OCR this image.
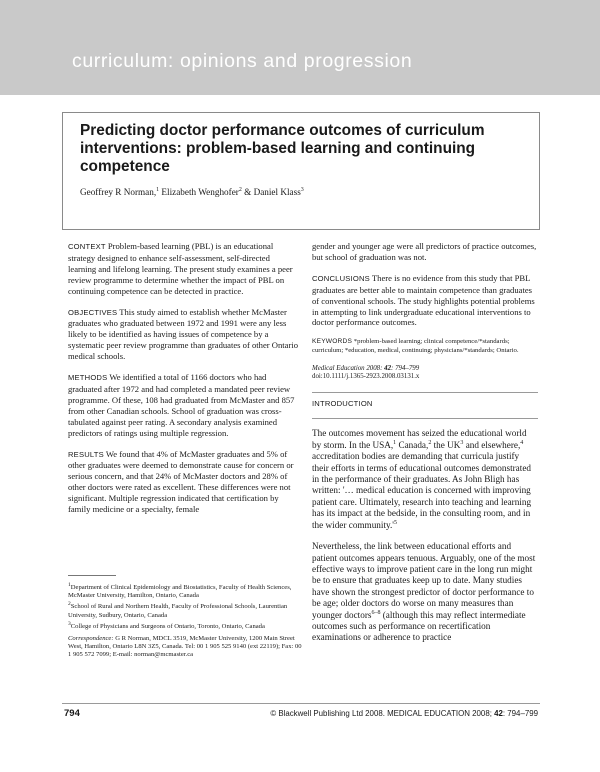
curriculum: opinions and progression
Predicting doctor performance outcomes of curriculum interventions: problem-based learning and continuing competence
Geoffrey R Norman,$^1$ Elizabeth Wenghofer$^2$ & Daniel Klass$^3$

CONTEXT Problem-based learning (PBL) is an educational strategy designed to enhance self-assessment, self-directed learning and lifelong learning. The present study examines a peer review programme to determine whether the impact of PBL on continuing competence can be detected in practice.

OBJECTIVES This study aimed to establish whether McMaster graduates who graduated between 1972 and 1991 were any less likely to be identified as having issues of competence by a systematic peer review programme than graduates of other Ontario medical schools.

METHODS We identified a total of 1166 doctors who had graduated after 1972 and had completed a mandated peer review programme. Of these, 108 had graduated from McMaster and 857 from other Canadian schools. School of graduation was cross-tabulated against peer rating. A secondary analysis examined predictors of ratings using multiple regression.

RESULTS We found that 4% of McMaster graduates and 5% of other graduates were deemed to demonstrate cause for concern or serious concern, and that 24% of McMaster doctors and 28% of other doctors were rated as excellent. These differences were not significant. Multiple regression indicated that certification by family medicine or a specialty, female

$^1$Department of Clinical Epidemiology and Biostatistics, Faculty of Health Sciences, McMaster University, Hamilton, Ontario, Canada

$^2$School of Rural and Northern Health, Faculty of Professional Schools, Laurentian University, Sudbury, Ontario, Canada

$^3$College of Physicians and Surgeons of Ontario, Toronto, Ontario, Canada

Correspondence: G R Norman, MDCL 3519, McMaster University, 1200 Main Street West, Hamilton, Ontario L8N 3Z5, Canada. Tel: 00 1 905 525 9140 (ext 22119); Fax: 00 1 905 572 7099; E-mail: norman@mcmaster.ca

gender and younger age were all predictors of practice outcomes, but school of graduation was not.

CONCLUSIONS There is no evidence from this study that PBL graduates are better able to maintain competence than graduates of conventional schools. The study highlights potential problems in attempting to link undergraduate educational interventions to doctor performance outcomes.

KEYWORDS *problem-based learning; clinical competence/*standards; curriculum; *education, medical, continuing; physicians/*standards; Ontario.

Medical Education 2008: 42: 794–799
doi:10.1111/j.1365-2923.2008.03131.x

INTRODUCTION

The outcomes movement has seized the educational world by storm. In the USA,$^1$ Canada,$^2$ the $UK^3$ and elsewhere,$^4$ accreditation bodies are demanding that curricula justify their efforts in terms of educational outcomes demonstrated in the performance of their graduates. As John Bligh has written: '… medical education is concerned with improving patient care. Ultimately, research into teaching and learning has its impact at the bedside, in the consulting room, and in the wider $community.'^5$

Nevertheless, the link between educational efforts and patient outcomes appears tenuous. Arguably, one of the most effective ways to improve patient care in the long run might be to ensure that graduates keep up to date. Many studies have shown the strongest predictor of doctor performance to be age; older doctors do worse on many measures than younger doctors$^{6-8}$ (although this may reflect intermediate outcomes such as performance on recertification examinations or adherence to practice

794	© Blackwell Publishing Ltd 2008. MEDICAL EDUCATION 2008; 42: 794–799
